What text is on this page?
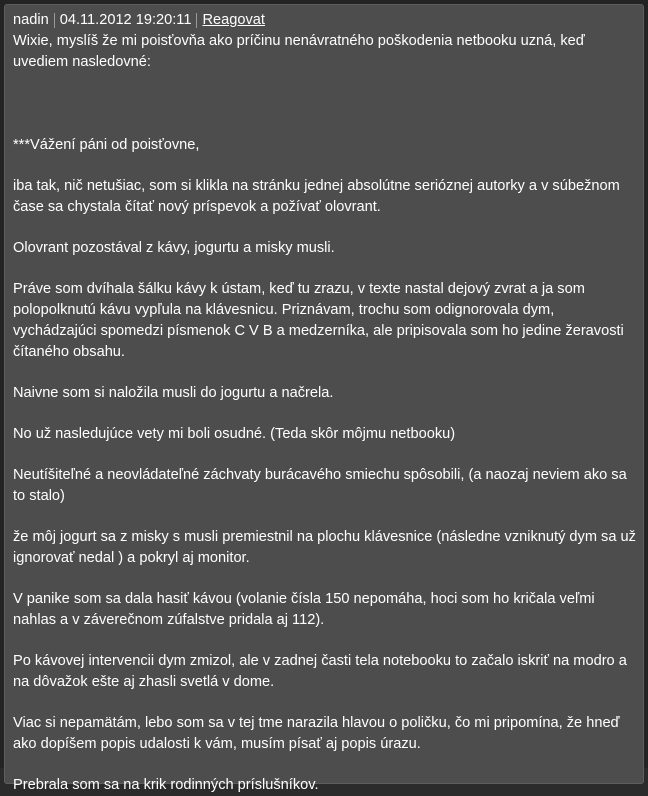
nadin 04.11.2012 19:20:11 Reagovat

Wixie, myslíš že mi poisťovňa ako príčinu nenávratného poškodenia netbooku uzná, keď uvediem nasledovné:

***Vážení páni od poisťovne,

iba tak, nič netušiac, som si klikla na stránku jednej absolútne serióznej autorky a v súbežnom čase sa chystala čítať nový príspevok a požívať olovrant.

Olovrant pozostával z kávy, jogurtu a misky musli.

Práve som dvíhala šálku kávy k ústam, keď tu zrazu, v texte nastal dejový zvrat a ja som polopolknutú kávu vypľula na klávesnicu. Priznávam, trochu som odignorovala dym, vychádzajúci spomedzi písmenok C V B a medzerníka, ale pripisovala som ho jedine žeravosti čítaného obsahu.

Naivne som si naložila musli do jogurtu a načrela.

No už nasledujúce vety mi boli osudné. (Teda skôr môjmu netbooku)

Neutíšiteľné a neovládateľné záchvaty burácavého smiechu spôsobili, (a naozaj neviem ako sa to stalo)

že môj jogurt sa z misky s musli premiestnil na plochu klávesnice (následne vzniknutý dym sa už ignorovať nedal ) a pokryl aj monitor.

V panike som sa dala hasiť kávou (volanie čísla 150 nepomáha, hoci som ho kričala veľmi nahlas a v záverečnom zúfalstve pridala aj 112).

Po kávovej intervencii dym zmizol, ale v zadnej časti tela notebooku to začalo iskriť na modro a na dôvažok ešte aj zhasli svetlá v dome.

Viac si nepamätám, lebo som sa v tej tme narazila hlavou o poličku, čo mi pripomína, že hneď ako dopíšem popis udalosti k vám, musím písať aj popis úrazu.

Prebrala som sa na krik rodinných príslušníkov.
